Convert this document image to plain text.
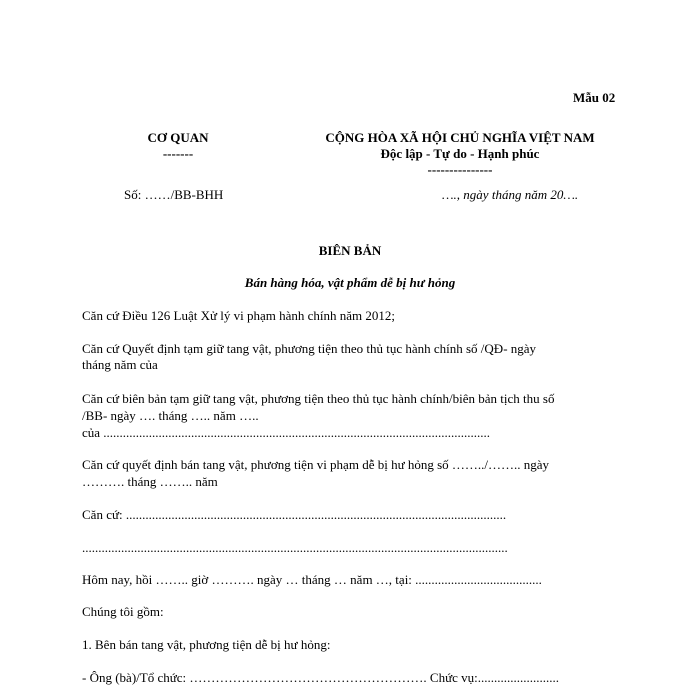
Mẫu 02
CƠ QUAN
-------
CỘNG HÒA XÃ HỘI CHỦ NGHĨA VIỆT NAM
Độc lập - Tự do - Hạnh phúc
---------------
Số: ……/BB-BHH	…., ngày tháng năm 20….
BIÊN BẢN
Bán hàng hóa, vật phẩm dễ bị hư hỏng
Căn cứ Điều 126 Luật Xử lý vi phạm hành chính năm 2012;
Căn cứ Quyết định tạm giữ tang vật, phương tiện theo thủ tục hành chính số /QĐ- ngày
tháng năm của
Căn cứ biên bản tạm giữ tang vật, phương tiện theo thủ tục hành chính/biên bản tịch thu số
/BB- ngày …. tháng ….. năm …..
của .......................................................................................................................
Căn cứ quyết định bán tang vật, phương tiện vi phạm dễ bị hư hỏng số ……../…….. ngày
………. tháng …….. năm
Căn cứ: .....................................................................................................................
...................................................................................................................................
Hôm nay, hồi …….. giờ ………. ngày … tháng … năm …, tại: .......................................
Chúng tôi gồm:
1. Bên bán tang vật, phương tiện dễ bị hư hỏng:
- Ông (bà)/Tổ chức: ………………………………………………. Chức vụ:.........................
